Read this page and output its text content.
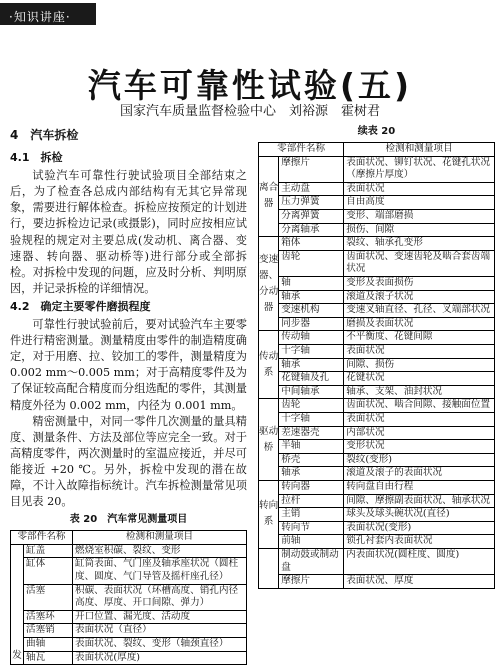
·知识讲座·
汽车可靠性试验(五)
国家汽车质量监督检验中心　刘裕源　霍树君
4　汽车拆检
4.1　拆检

试验汽车可靠性行驶试验项目全部结束之后，为了检查各总成内部结构有无其它异常现象，需要进行解体检查。拆检应按预定的计划进行，要边拆检边记录(或摄影)，同时应按相应试验规程的规定对主要总成(发动机、离合器、变速器、转向器、驱动桥等)进行部分或全部拆检。对拆检中发现的问题，应及时分析、判明原因，并记录拆检的详细情况。

4.2　确定主要零件磨损程度

可靠性行驶试验前后，要对试验汽车主要零件进行精密测量。测量精度由零件的制造精度确定，对于用磨、拉、铰加工的零件，测量精度为 0.002 mm～0.005 mm；对于高精度零件及为了保证较高配合精度而分组选配的零件，其测量精度外径为 0.002 mm，内径为 0.001 mm。

精密测量中，对同一零件几次测量的量具精度、测量条件、方法及部位等应完全一致。对于高精度零件，两次测量时的室温应接近，并尽可能接近 +20 ℃。另外，拆检中发现的潜在故障，不计入故障指标统计。汽车拆检测量常见项目见表 20。

表 20　汽车常见测量项目
零部件名称		检测和测量项目
发	缸盖	燃烧室积碳、裂纹、变形
	缸体	缸筒表面、气门座及轴承座状况（圆柱度、圆度、气门导管及摇杆座孔径）
	活塞	积碳、表面状况（环槽高度、销孔内径高度、厚度、开口间隙、弹力）
	活塞环	开口位置、漏光度、活动度
	活塞销	表面状况（直径）
	曲轴	表面状况、裂纹、变形（轴颈直径）
	轴瓦	表面状况(厚度)
续表 20
零部件名称		检测和测量项目
离合器	摩擦片	表面状况、铆钉状况、花键孔状况（摩擦片厚度）
	主动盘	表面状况
	压力弹簧	自由高度
	分离弹簧	变形、端部磨损
	分离轴承	损伤、间隙
变速器、分动器	箱体	裂纹、轴承孔变形
	齿轮	齿面状况、变速齿轮及啮合套齿端状况
	轴	变形及表面损伤
	轴承	滚道及滚子状况
	变速机构	变速叉轴直径、孔径、叉端部状况
	同步器	磨损及表面状况
传动系	传动轴	不平衡度、花键间隙
	十字轴	表面状况
	轴承	间隙、损伤
	花键轴及孔	花键状况
	中间轴承	轴承、支架、油封状况
驱动桥	齿轮	齿面状况、啮合间隙、接触面位置
	十字轴	表面状况
	差速器壳	内部状况
	半轴	变形状况
	桥壳	裂纹(变形)
	轴承	滚道及滚子的表面状况
转向系	转向器	转向盘自由行程
	拉杆	间隙、摩擦副表面状况、轴承状况
	主销	球头及球头碗状况(直径)
	转向节	表面状况(变形)
	前轴	锁孔衬套内表面状况
	制动鼓或制动盘	内表面状况(圆柱度、圆度)
	摩擦片	表面状况、厚度
